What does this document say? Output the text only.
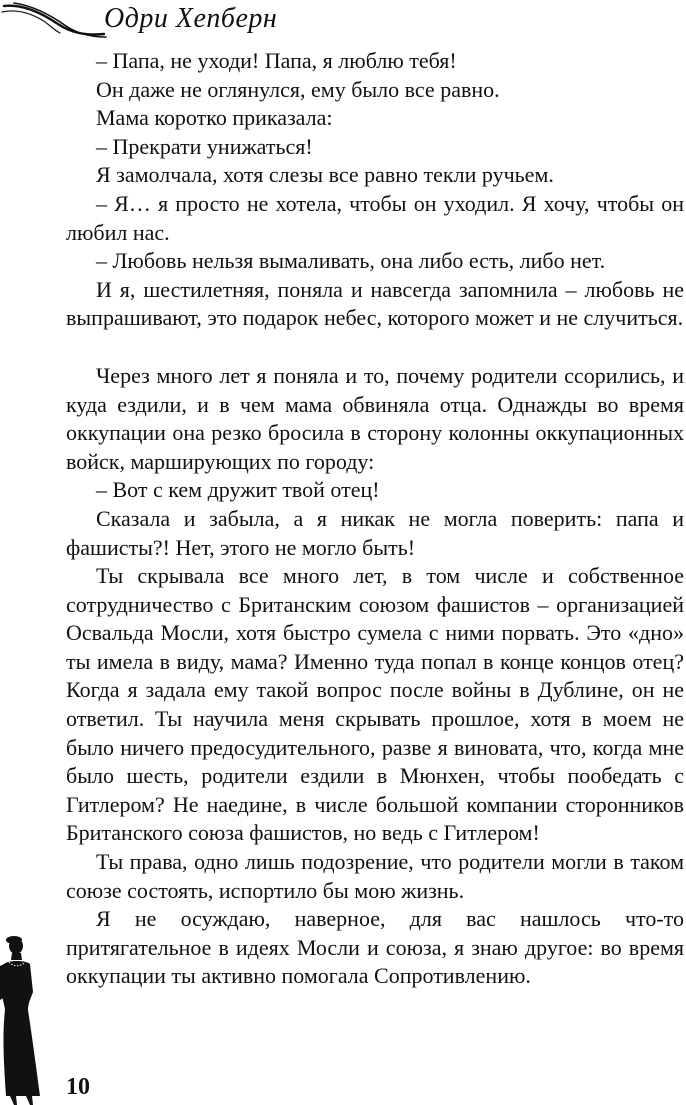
Одри Хепберн

– Папа, не уходи! Папа, я люблю тебя!

Он даже не оглянулся, ему было все равно.

Мама коротко приказала:

– Прекрати унижаться!

Я замолчала, хотя слезы все равно текли ручьем.

– Я… я просто не хотела, чтобы он уходил. Я хочу, чтобы он любил нас.

– Любовь нельзя вымаливать, она либо есть, либо нет.

И я, шестилетняя, поняла и навсегда запомнила – любовь не выпрашивают, это подарок небес, которого может и не случиться.

Через много лет я поняла и то, почему родители ссорились, и куда ездили, и в чем мама обвиняла отца. Однажды во время оккупации она резко бросила в сторону колонны оккупационных войск, марширующих по городу:

– Вот с кем дружит твой отец!

Сказала и забыла, а я никак не могла поверить: папа и фашисты?! Нет, этого не могло быть!

Ты скрывала все много лет, в том числе и собственное сотрудничество с Британским союзом фашистов – организацией Освальда Мосли, хотя быстро сумела с ними порвать. Это «дно» ты имела в виду, мама? Именно туда попал в конце концов отец? Когда я задала ему такой вопрос после войны в Дублине, он не ответил. Ты научила меня скрывать прошлое, хотя в моем не было ничего предосудительного, разве я виновата, что, когда мне было шесть, родители ездили в Мюнхен, чтобы пообедать с Гитлером? Не наедине, в числе большой компании сторонников Британского союза фашистов, но ведь с Гитлером!

Ты права, одно лишь подозрение, что родители могли в таком союзе состоять, испортило бы мою жизнь.

Я не осуждаю, наверное, для вас нашлось что-то притягательное в идеях Мосли и союза, я знаю другое: во время оккупации ты активно помогала Сопротивлению.

10
